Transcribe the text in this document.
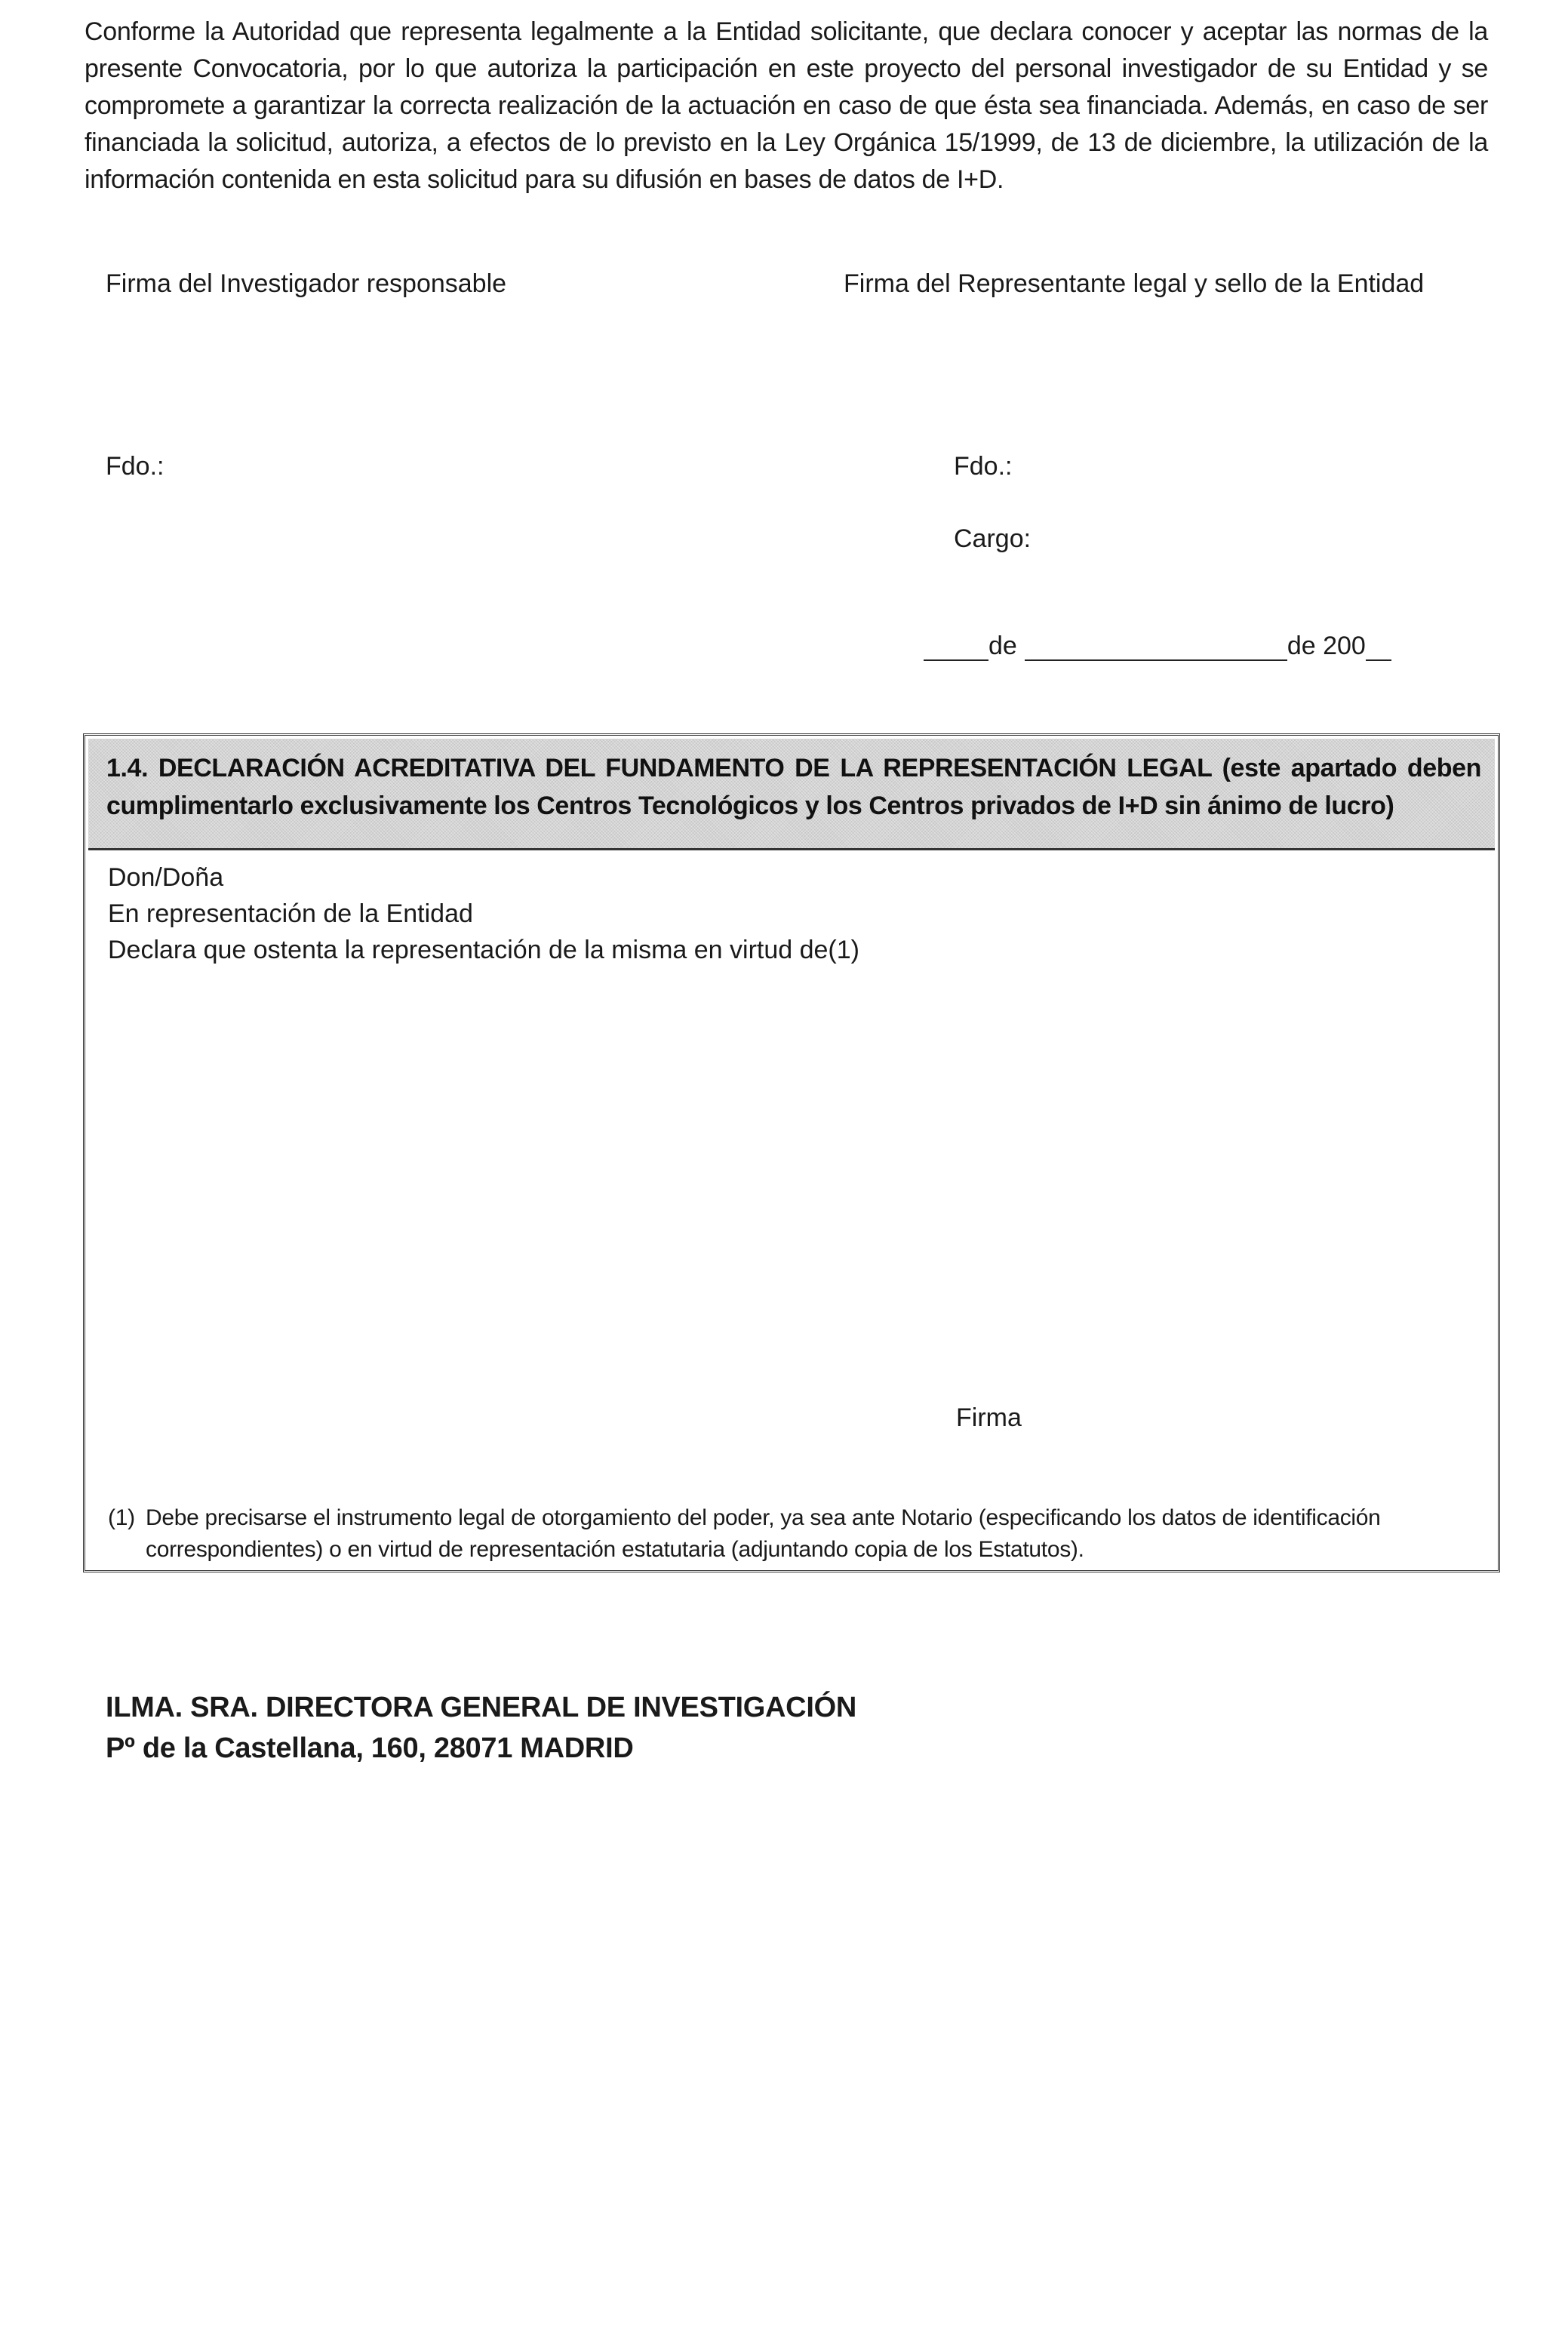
Conforme la Autoridad que representa legalmente a la Entidad solicitante, que declara conocer y aceptar las normas de la presente Convocatoria, por lo que autoriza la participación en este proyecto del personal investigador de su Entidad y se compromete a garantizar la correcta realización de la actuación en caso de que ésta sea financiada. Además, en caso de ser financiada la solicitud, autoriza, a efectos de lo previsto en la Ley Orgánica 15/1999, de 13 de diciembre, la utilización de la información contenida en esta solicitud para su difusión en bases de datos de I+D.

Firma del Investigador responsable	Firma del Representante legal y sello de la Entidad
Fdo.:	Fdo.:
Cargo:
de	de 200
1.4. DECLARACIÓN ACREDITATIVA DEL FUNDAMENTO DE LA REPRESENTACIÓN LEGAL (este apartado deben cumplimentarlo exclusivamente los Centros Tecnológicos y los Centros privados de I+D sin ánimo de lucro)
Don/Doña
En representación de la Entidad
Declara que ostenta la representación de la misma en virtud de(1)
Firma
(1) Debe precisarse el instrumento legal de otorgamiento del poder, ya sea ante Notario (especificando los datos de identificación
correspondientes) o en virtud de representación estatutaria (adjuntando copia de los Estatutos).
ILMA. SRA. DIRECTORA GENERAL DE INVESTIGACIÓN
Pº de la Castellana, 160, 28071 MADRID
